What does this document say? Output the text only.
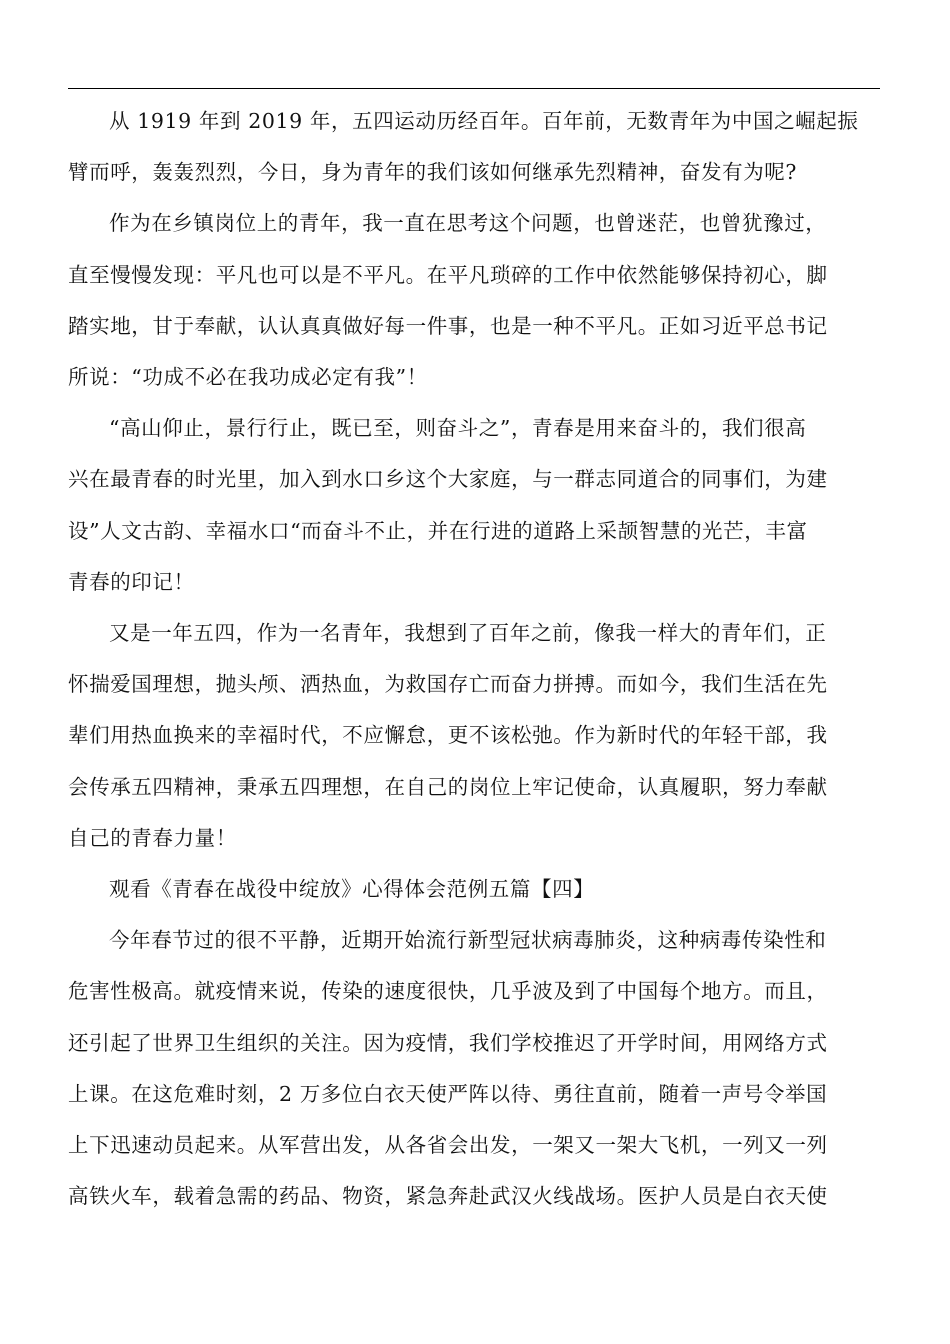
从 1919 年到 2019 年，五四运动历经百年。百年前，无数青年为中国之崛起振
臂而呼，轰轰烈烈，今日，身为青年的我们该如何继承先烈精神，奋发有为呢?
作为在乡镇岗位上的青年，我一直在思考这个问题，也曾迷茫，也曾犹豫过，
直至慢慢发现：平凡也可以是不平凡。在平凡琐碎的工作中依然能够保持初心，脚
踏实地，甘于奉献，认认真真做好每一件事，也是一种不平凡。正如习近平总书记
所说：“功成不必在我功成必定有我”！
“高山仰止，景行行止，既已至，则奋斗之”，青春是用来奋斗的，我们很高
兴在最青春的时光里，加入到水口乡这个大家庭，与一群志同道合的同事们，为建
设”人文古韵、幸福水口“而奋斗不止，并在行进的道路上采颉智慧的光芒，丰富
青春的印记！
又是一年五四，作为一名青年，我想到了百年之前，像我一样大的青年们，正
怀揣爱国理想，抛头颅、洒热血，为救国存亡而奋力拼搏。而如今，我们生活在先
辈们用热血换来的幸福时代，不应懈怠，更不该松弛。作为新时代的年轻干部，我
会传承五四精神，秉承五四理想，在自己的岗位上牢记使命，认真履职，努力奉献
自己的青春力量！
观看《青春在战役中绽放》心得体会范例五篇【四】
今年春节过的很不平静，近期开始流行新型冠状病毒肺炎，这种病毒传染性和
危害性极高。就疫情来说，传染的速度很快，几乎波及到了中国每个地方。而且，
还引起了世界卫生组织的关注。因为疫情，我们学校推迟了开学时间，用网络方式
上课。在这危难时刻，2 万多位白衣天使严阵以待、勇往直前，随着一声号令举国
上下迅速动员起来。从军营出发，从各省会出发，一架又一架大飞机，一列又一列
高铁火车，载着急需的药品、物资，紧急奔赴武汉火线战场。医护人员是白衣天使
